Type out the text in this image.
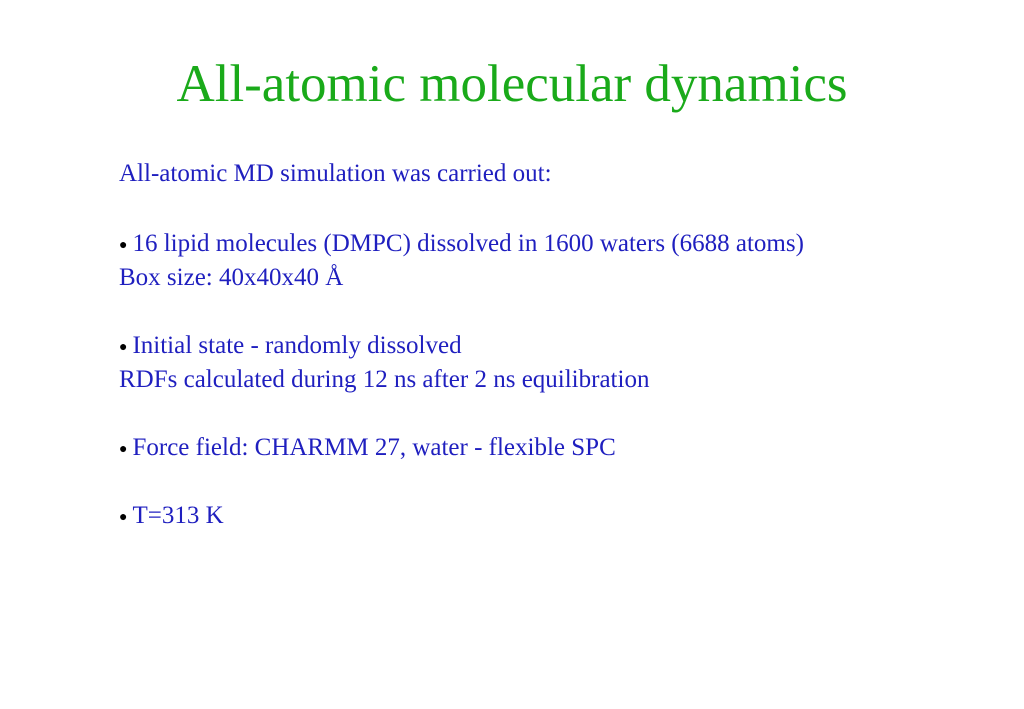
All-atomic molecular dynamics
All-atomic MD simulation was carried out:
● 16 lipid molecules (DMPC) dissolved in 1600 waters (6688 atoms)
Box size: 40x40x40 Å
● Initial state - randomly dissolved
RDFs calculated during 12 ns after 2 ns equilibration
● Force field: CHARMM 27, water - flexible SPC
● T=313 K
